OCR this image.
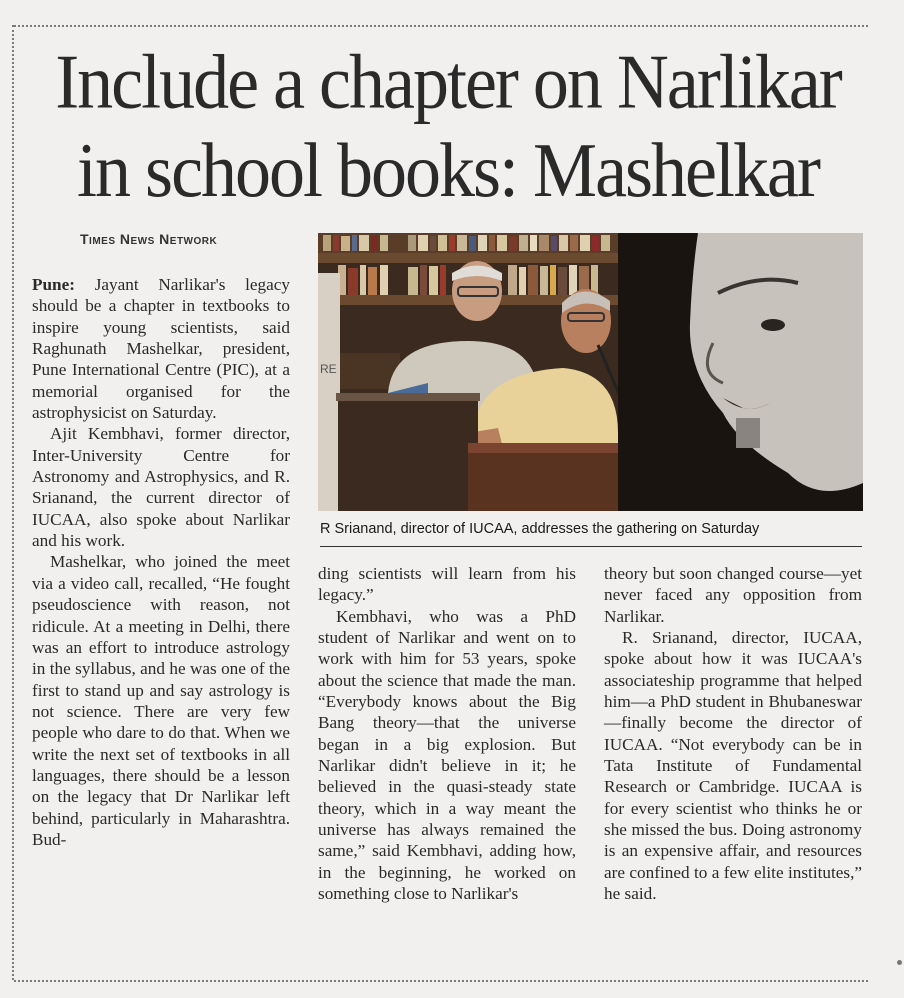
Include a chapter on Narlikar
in school books: Mashelkar
Times News Network
RE
R Srianand, director of IUCAA, addresses the gathering on Saturday

Pune: Jayant Narlikar's legacy should be a chapter in textbooks to inspire young scientists, said Raghunath Mashelkar, president, Pune International Centre (PIC), at a memorial organised for the astrophysicist on Saturday.

Ajit Kembhavi, former director, Inter-University Centre for Astronomy and Astrophysics, and R. Srianand, the current director of IUCAA, also spoke about Narlikar and his work.

Mashelkar, who joined the meet via a video call, recalled, “He fought pseudoscience with reason, not ridicule. At a meeting in Delhi, there was an effort to introduce astrology in the syllabus, and he was one of the first to stand up and say astrology is not science. There are very few people who dare to do that. When we write the next set of textbooks in all languages, there should be a lesson on the legacy that Dr Narlikar left behind, particularly in Maharashtra. Bud-

ding scientists will learn from his legacy.”

Kembhavi, who was a PhD student of Narlikar and went on to work with him for 53 years, spoke about the science that made the man. “Everybody knows about the Big Bang theory—that the universe began in a big explosion. But Narlikar didn't believe in it; he believed in the quasi-steady state theory, which in a way meant the universe has always remained the same,” said Kembhavi, adding how, in the beginning, he worked on something close to Narlikar's

theory but soon changed course—yet never faced any opposition from Narlikar.

R. Srianand, director, IUCAA, spoke about how it was IUCAA's associateship programme that helped him—a PhD student in Bhubaneswar—finally become the director of IUCAA. “Not everybody can be in Tata Institute of Fundamental Research or Cambridge. IUCAA is for every scientist who thinks he or she missed the bus. Doing astronomy is an expensive affair, and resources are confined to a few elite institutes,” he said.
